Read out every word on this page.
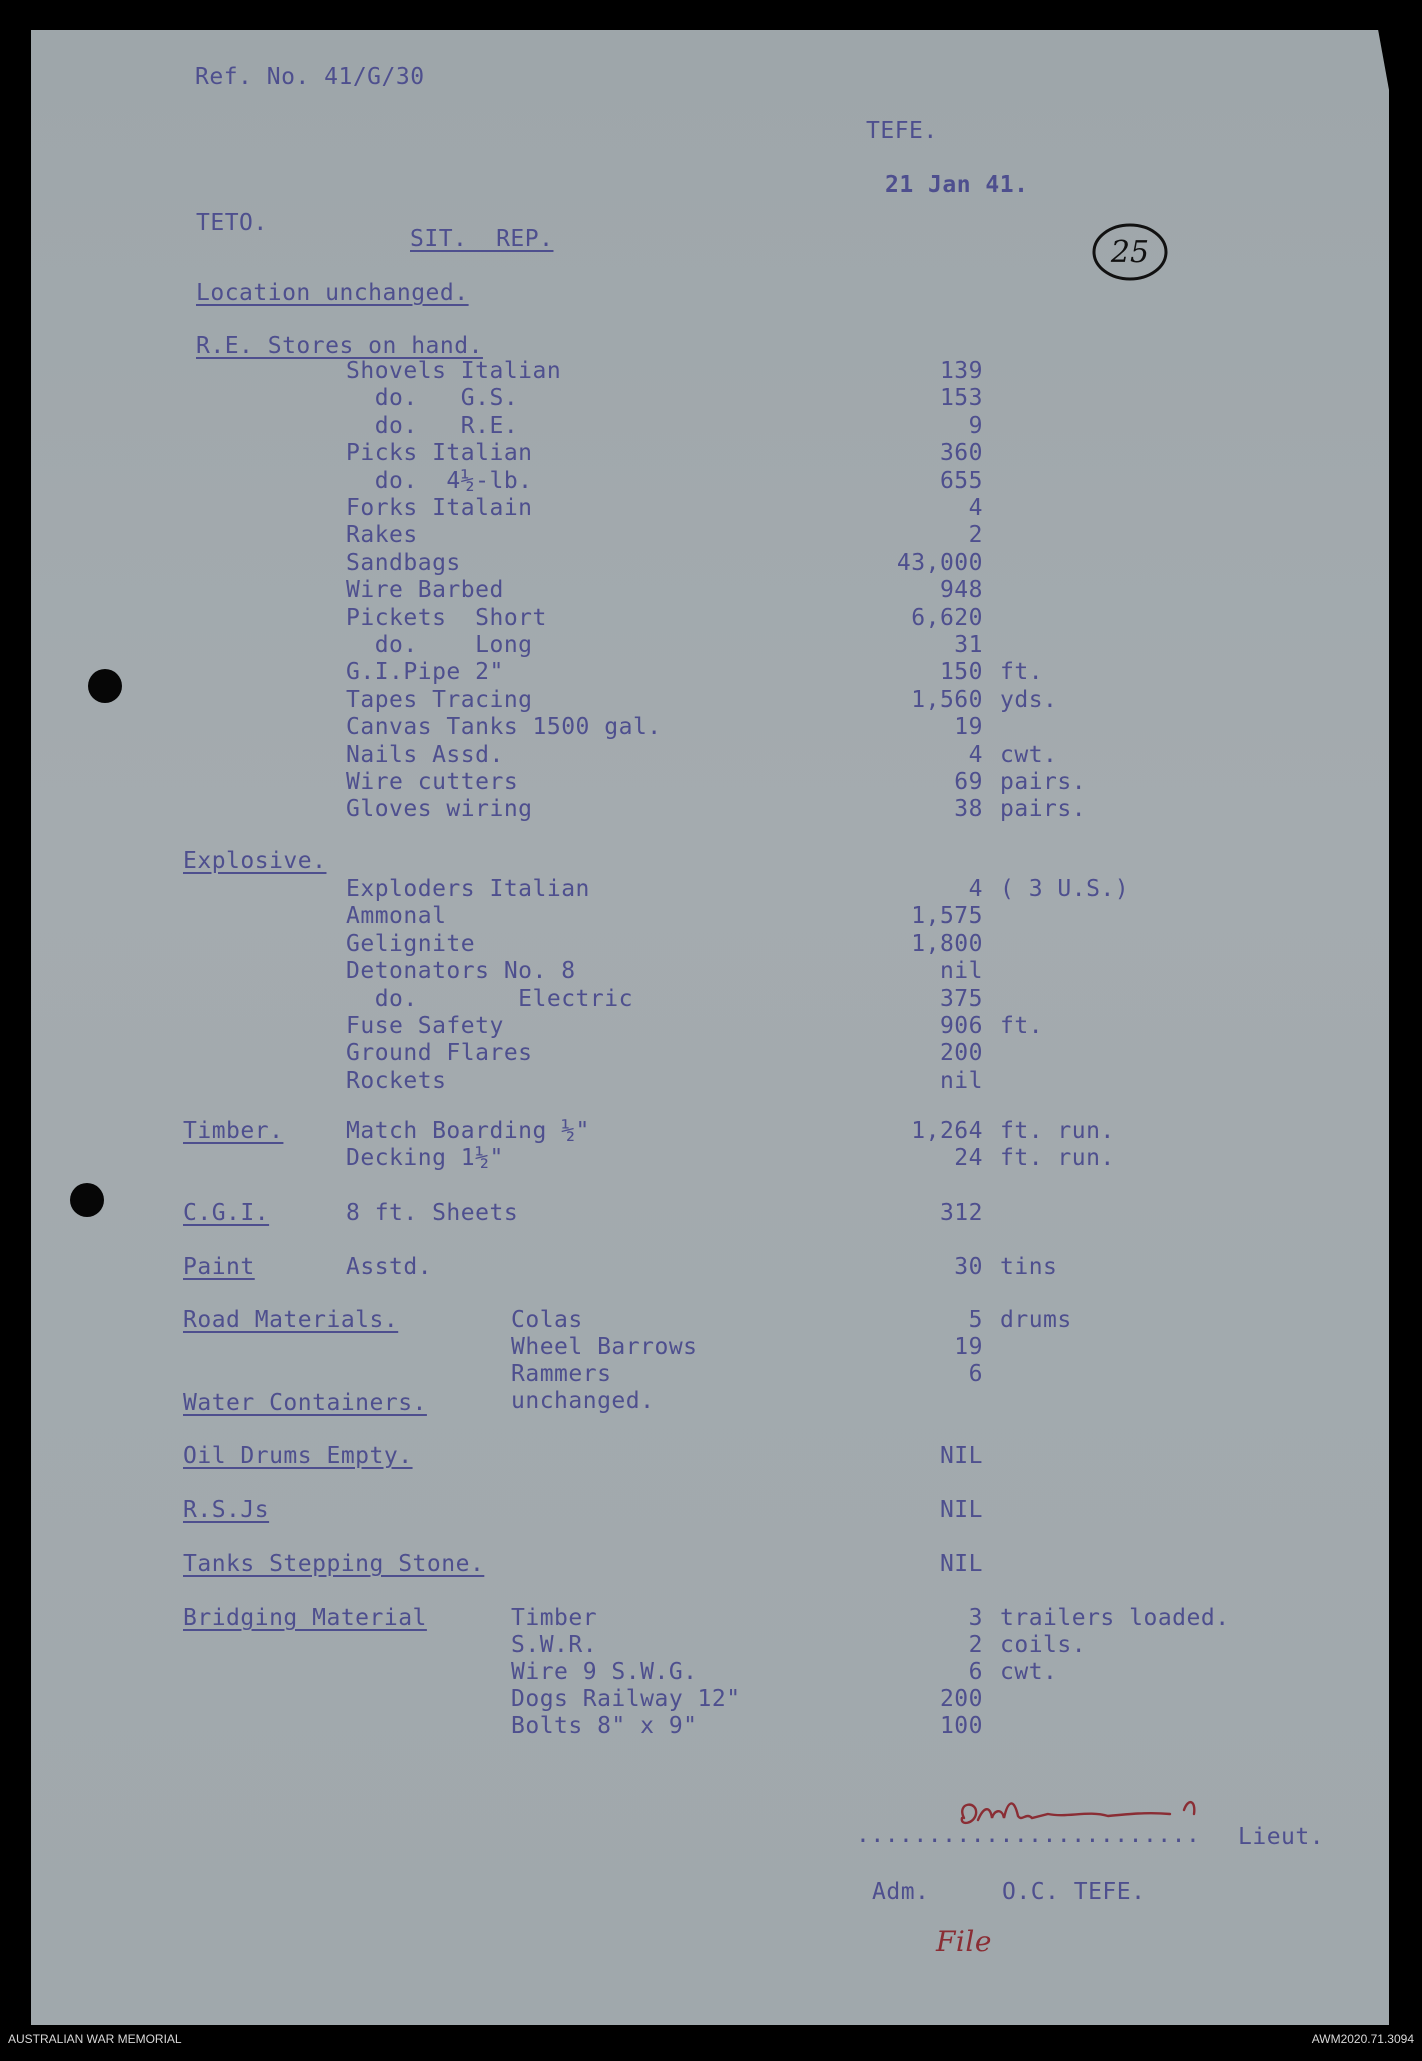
Ref. No. 41/G/30
TEFE.
21 Jan 41.
TETO.
SIT.  REP.	25
Location unchanged.
R.E. Stores on hand.
Shovels Italian	139
do.   G.S.	153
do.   R.E.	9
Picks Italian	360
do.  4½-lb.	655
Forks Italain	4
Rakes	2
Sandbags	43,000
Wire Barbed	948
Pickets  Short	6,620
do.    Long	31
G.I.Pipe 2"	150 ft.
Tapes Tracing	1,560 yds.
Canvas Tanks 1500 gal.	19
Nails Assd.	4 cwt.
Wire cutters	69 pairs.
Gloves wiring	38 pairs.
Explosive.
Exploders Italian	4 ( 3 U.S.)
Ammonal	1,575
Gelignite	1,800
Detonators No. 8	nil
do.       Electric	375
Fuse Safety	906 ft.
Ground Flares	200
Rockets	nil
Timber.	Match Boarding ½"	1,264 ft. run.
Decking 1½"	24 ft. run.
C.G.I.	8 ft. Sheets	312
Paint	Asstd.	30 tins
Road Materials.	Colas	5 drums
Wheel Barrows	19
Rammers	6
Water Containers.	unchanged.
Oil Drums Empty.	NIL
R.S.Js	NIL
Tanks Stepping Stone.	NIL
Bridging Material	Timber	3 trailers loaded.
S.W.R.	2 coils.
Wire 9 S.W.G.	6 cwt.
Dogs Railway 12"	200
Bolts 8" x 9"	100
........................ Lieut.
Adm.	O.C. TEFE.
File
AUSTRALIAN WAR MEMORIAL	AWM2020.71.3094
